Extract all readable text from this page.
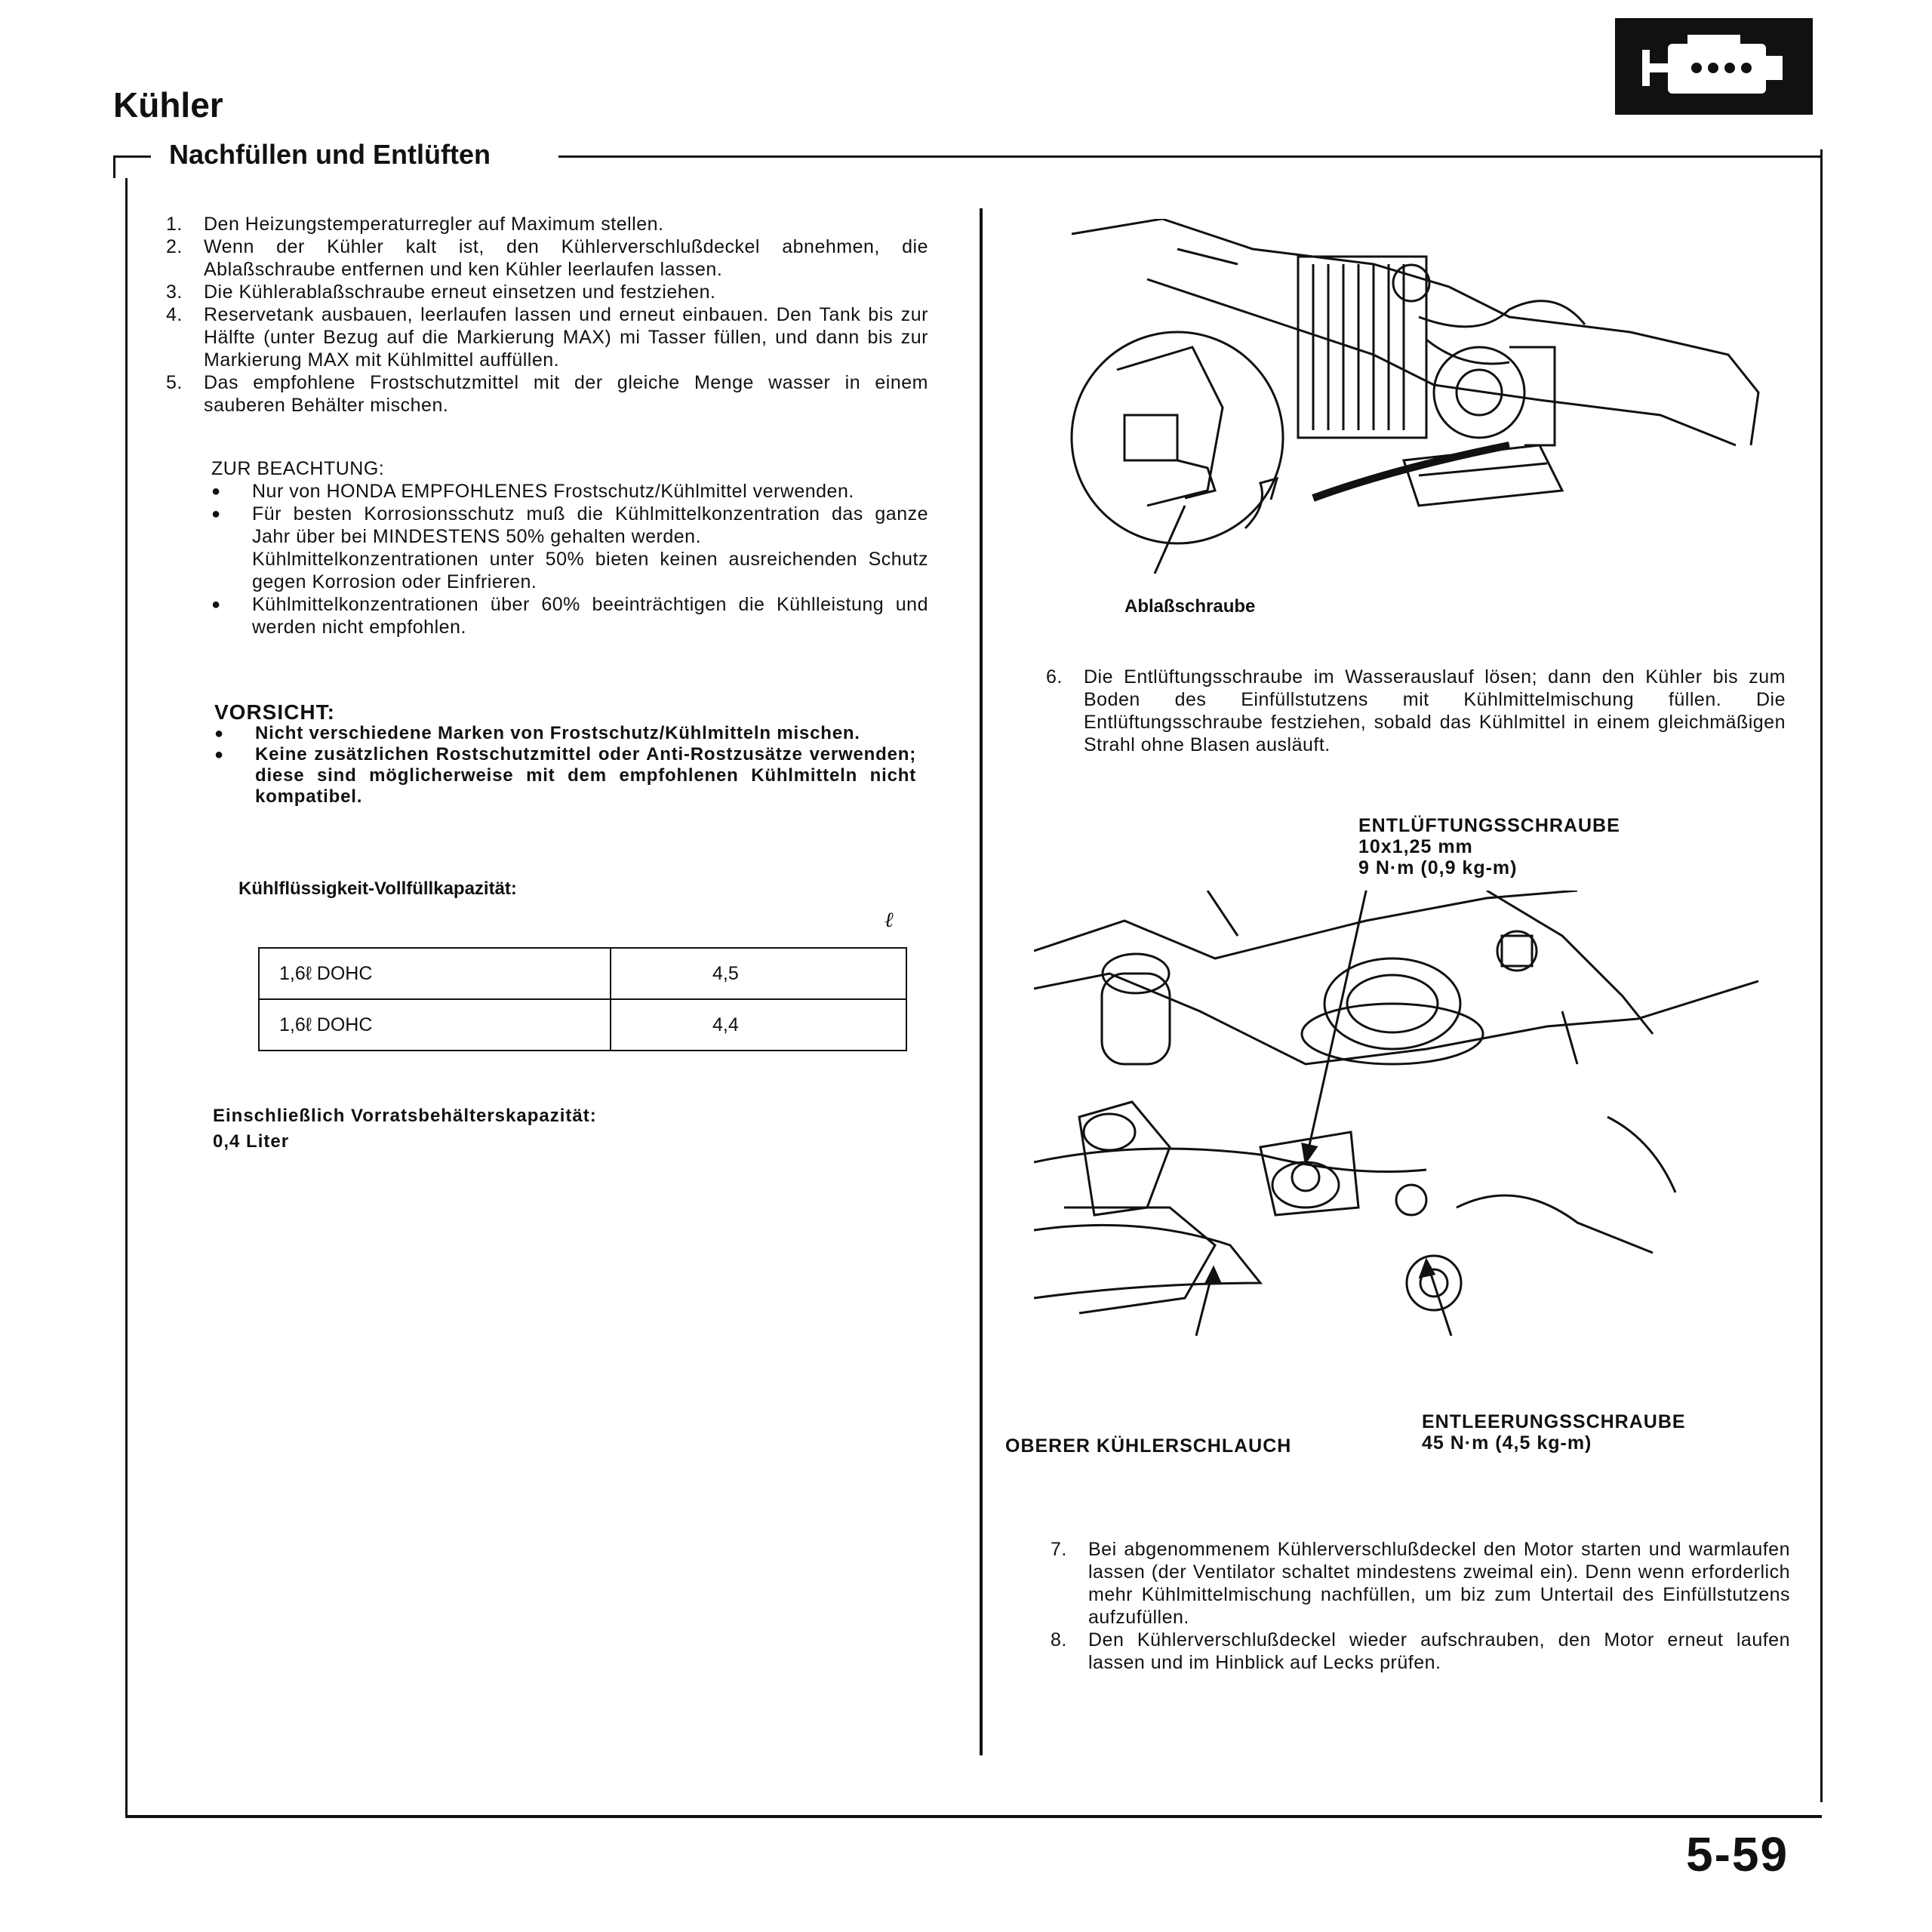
Kühler
Nachfüllen und Entlüften
1. Den Heizungstemperaturregler auf Maximum stellen.
2. Wenn der Kühler kalt ist, den Kühlerverschlußdeckel abnehmen, die Ablaßschraube entfernen und ken Kühler leerlaufen lassen.
3. Die Kühlerablaßschraube erneut einsetzen und festziehen.
4. Reservetank ausbauen, leerlaufen lassen und erneut einbauen. Den Tank bis zur Hälfte (unter Bezug auf die Markierung MAX) mi Tasser füllen, und dann bis zur Markierung MAX mit Kühlmittel auffüllen.
5. Das empfohlene Frostschutzmittel mit der gleiche Menge wasser in einem sauberen Behälter mischen.
ZUR BEACHTUNG:
● Nur von HONDA EMPFOHLENES Frostschutz/Kühlmittel verwenden.
● Für besten Korrosionsschutz muß die Kühlmittelkonzentration das ganze Jahr über bei MINDESTENS 50% gehalten werden.
Kühlmittelkonzentrationen unter 50% bieten keinen ausreichenden Schutz gegen Korrosion oder Einfrieren.
● Kühlmittelkonzentrationen über 60% beeinträchtigen die Kühlleistung und werden nicht empfohlen.
VORSICHT:
● Nicht verschiedene Marken von Frostschutz/Kühlmitteln mischen.
● Keine zusätzlichen Rostschutzmittel oder Anti-Rostzusätze verwenden; diese sind möglicherweise mit dem empfohlenen Kühlmitteln nicht kompatibel.
Kühlflüssigkeit-Vollfüllkapazität:
ℓ
1,6ℓ DOHC	4,5
1,6ℓ DOHC	4,4
Einschließlich Vorratsbehälterskapazität:
0,4 Liter
Ablaßschraube
6. Die Entlüftungsschraube im Wasserauslauf lösen; dann den Kühler bis zum Boden des Einfüllstutzens mit Kühlmittelmischung füllen. Die Entlüftungsschraube festziehen, sobald das Kühlmittel in einem gleichmäßigen Strahl ohne Blasen ausläuft.
ENTLÜFTUNGSSCHRAUBE
10x1,25 mm
9 N·m (0,9 kg-m)
ENTLEERUNGSSCHRAUBE
45 N·m (4,5 kg-m)
OBERER KÜHLERSCHLAUCH
7. Bei abgenommenem Kühlerverschlußdeckel den Motor starten und warmlaufen lassen (der Ventilator schaltet mindestens zweimal ein). Denn wenn erforderlich mehr Kühlmittelmischung nachfüllen, um biz zum Untertail des Einfüllstutzens aufzufüllen.
8. Den Kühlerverschlußdeckel wieder aufschrauben, den Motor erneut laufen lassen und im Hinblick auf Lecks prüfen.
5-59
